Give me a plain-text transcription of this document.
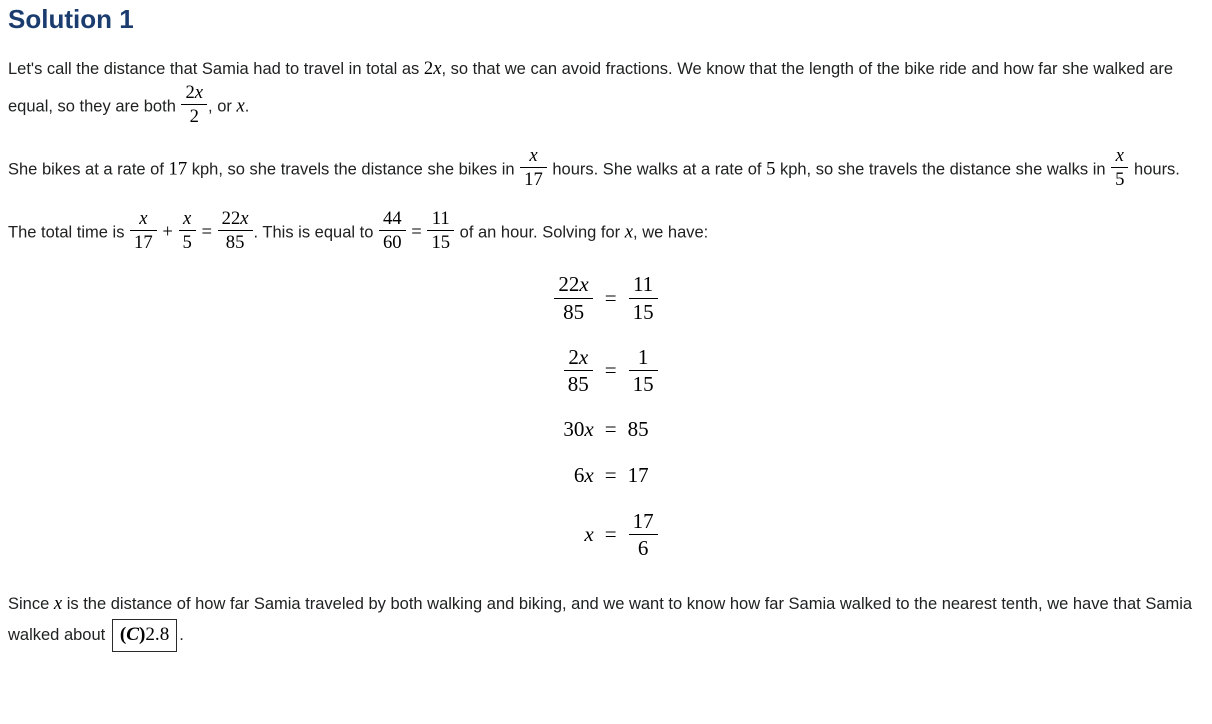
Solution 1

Let's call the distance that Samia had to travel in total as 2x, so that we can avoid fractions. We know that the length of the bike ride and how far she walked are equal, so they are both $\frac{2x}{2}$ , or x.

She bikes at a rate of 17 kph, so she travels the distance she bikes in $\frac{x}{17}$ hours. She walks at a rate of 5 kph, so she travels the distance she walks in $\frac{x}{5}$ hours.

The total time is $\frac{x}{17} + \frac{x}{5} = \frac{22x}{85}$ . This is equal to $\frac{44}{60} = \frac{11}{15}$ of an hour. Solving for x, we have:

$\frac{22x}{85} = \frac{11}{15}$
$\frac{2x}{85} = \frac{1}{15}$
30x = 85
6x = 17
$x = \frac{17}{6}$

Since x is the distance of how far Samia traveled by both walking and biking, and we want to know how far Samia walked to the nearest tenth, we have that Samia walked about (C)2.8 .
